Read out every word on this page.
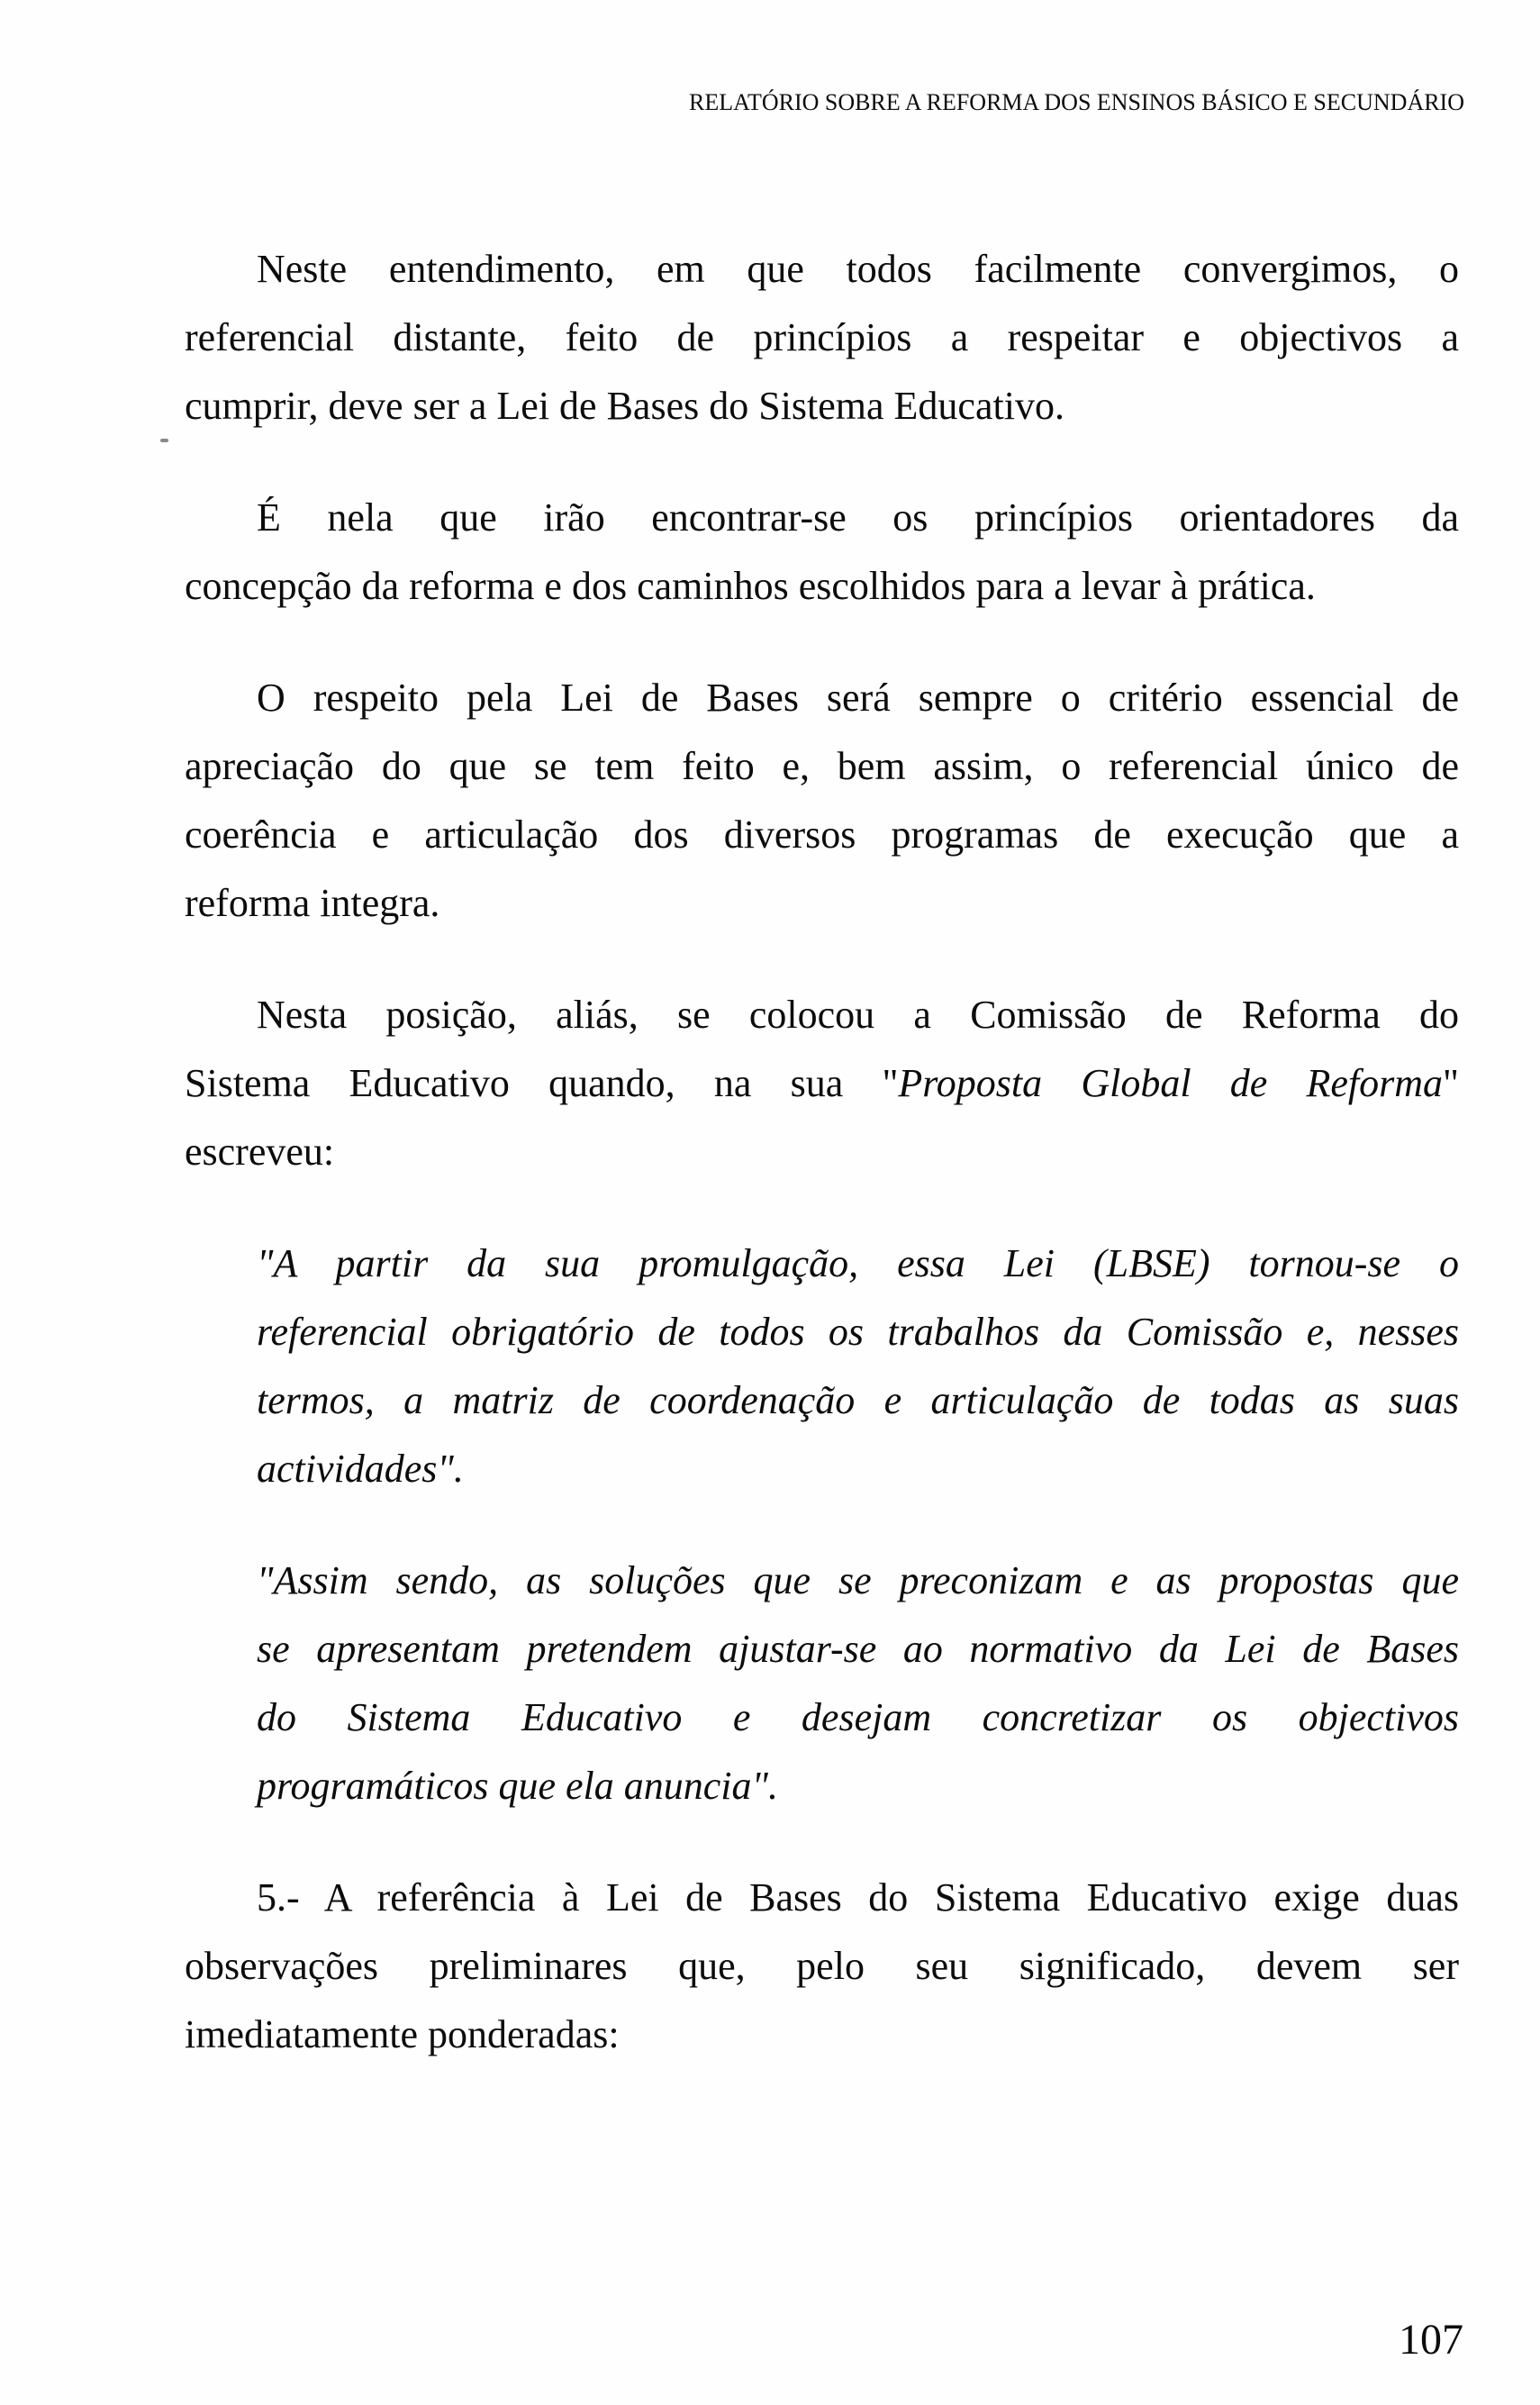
RELATÓRIO SOBRE A REFORMA DOS ENSINOS BÁSICO E SECUNDÁRIO
Neste entendimento, em que todos facilmente convergimos, o
referencial distante, feito de princípios a respeitar e objectivos a
cumprir, deve ser a Lei de Bases do Sistema Educativo.
É nela que irão encontrar-se os princípios orientadores da
concepção da reforma e dos caminhos escolhidos para a levar à prática.
O respeito pela Lei de Bases será sempre o critério essencial de
apreciação do que se tem feito e, bem assim, o referencial único de
coerência e articulação dos diversos programas de execução que a
reforma integra.
Nesta posição, aliás, se colocou a Comissão de Reforma do
Sistema Educativo quando, na sua "Proposta Global de Reforma"
escreveu:
"A partir da sua promulgação, essa Lei (LBSE) tornou-se o
referencial obrigatório de todos os trabalhos da Comissão e, nesses
termos, a matriz de coordenação e articulação de todas as suas
actividades".
"Assim sendo, as soluções que se preconizam e as propostas que
se apresentam pretendem ajustar-se ao normativo da Lei de Bases
do Sistema Educativo e desejam concretizar os objectivos
programáticos que ela anuncia".
5.- A referência à Lei de Bases do Sistema Educativo exige duas
observações preliminares que, pelo seu significado, devem ser
imediatamente ponderadas:
107
